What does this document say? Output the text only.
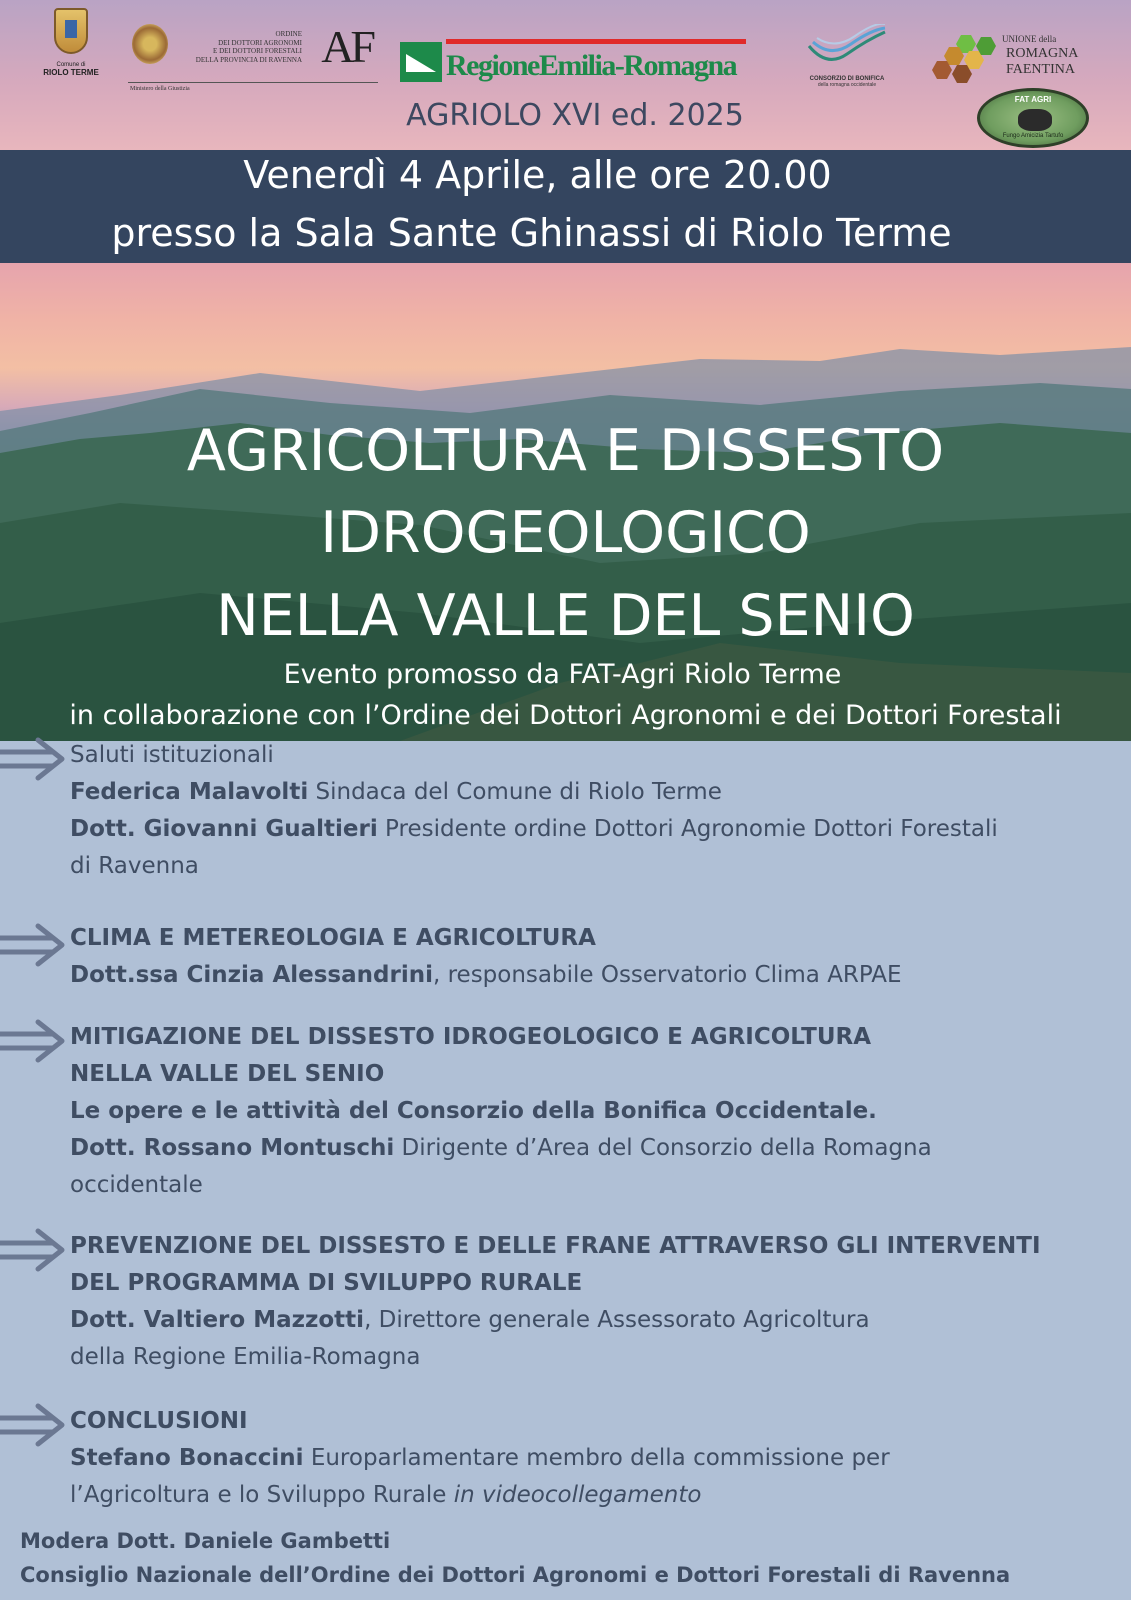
Comune di
RIOLO TERME
ORDINE
DEI DOTTORI AGRONOMI
E DEI DOTTORI FORESTALI
DELLA PROVINCIA DI RAVENNA AF
Ministero della Giustizia
RegioneEmilia-Romagna	CONSORZIO DI BONIFICA
della romagna occidentale
UNIONE della
ROMAGNA
FAENTINA
FAT AGRI
Fungo Amicizia Tartufo
AGRIOLO XVI ed. 2025
Venerdì 4 Aprile, alle ore 20.00
presso la Sala Sante Ghinassi di Riolo Terme
AGRICOLTURA E DISSESTO
IDROGEOLOGICO
NELLA VALLE DEL SENIO
Evento promosso da FAT-Agri Riolo Terme
in collaborazione con l’Ordine dei Dottori Agronomi e dei Dottori Forestali
Saluti istituzionali
Federica Malavolti Sindaca del Comune di Riolo Terme
Dott. Giovanni Gualtieri Presidente ordine Dottori Agronomie Dottori Forestali
di Ravenna
CLIMA E METEREOLOGIA E AGRICOLTURA
Dott.ssa Cinzia Alessandrini, responsabile Osservatorio Clima ARPAE
MITIGAZIONE DEL DISSESTO IDROGEOLOGICO E AGRICOLTURA
NELLA VALLE DEL SENIO
Le opere e le attività del Consorzio della Bonifica Occidentale.
Dott. Rossano Montuschi Dirigente d’Area del Consorzio della Romagna
occidentale
PREVENZIONE DEL DISSESTO E DELLE FRANE ATTRAVERSO GLI INTERVENTI
DEL PROGRAMMA DI SVILUPPO RURALE
Dott. Valtiero Mazzotti, Direttore generale Assessorato Agricoltura
della Regione Emilia-Romagna
CONCLUSIONI
Stefano Bonaccini Europarlamentare membro della commissione per
l’Agricoltura e lo Sviluppo Rurale in videocollegamento
Modera Dott. Daniele Gambetti
Consiglio Nazionale dell’Ordine dei Dottori Agronomi e Dottori Forestali di Ravenna
